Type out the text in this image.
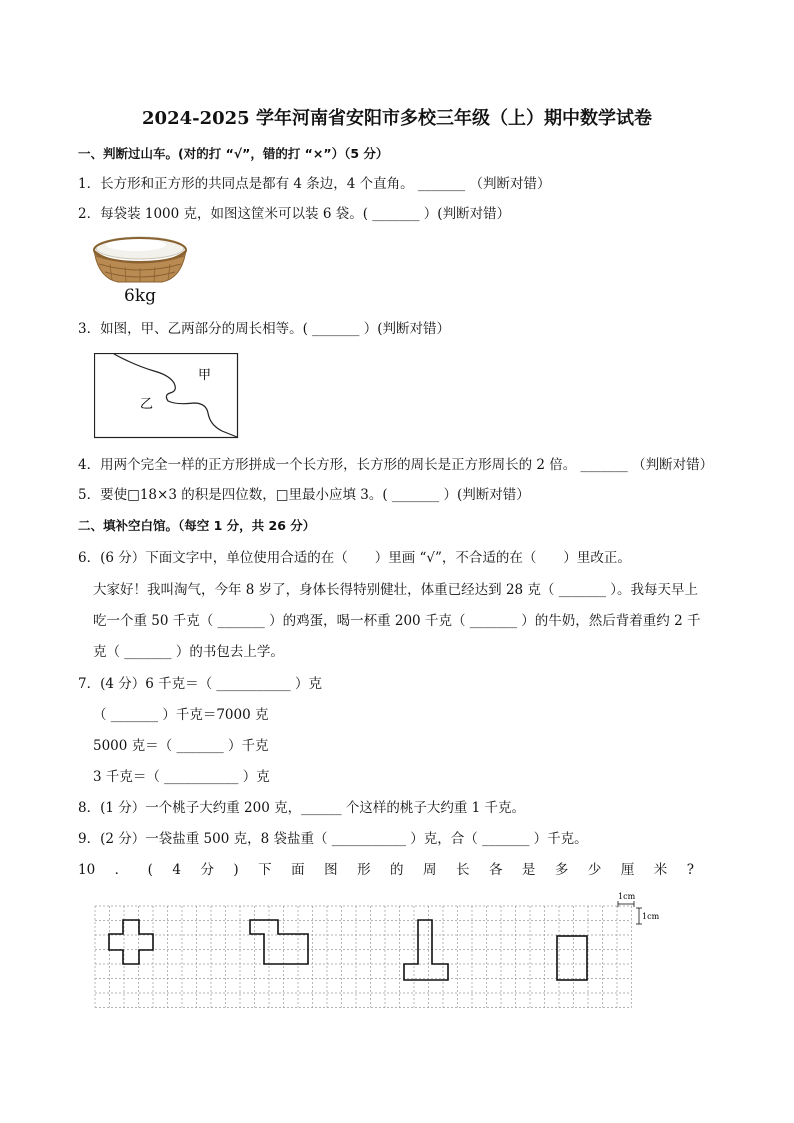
2024-2025 学年河南省安阳市多校三年级（上）期中数学试卷
一、判断过山车。(对的打 “√”，错的打 “×”）（5 分）
1．长方形和正方形的共同点是都有 4 条边，4 个直角。 _______ （判断对错）
2．每袋装 1000 克，如图这筐米可以装 6 袋。( _______ ）(判断对错）
6kg
3．如图，甲、乙两部分的周长相等。( _______ ）(判断对错）
甲
乙
4．用两个完全一样的正方形拼成一个长方形，长方形的周长是正方形周长的 2 倍。 _______ （判断对错）
5．要使□18×3 的积是四位数，□里最小应填 3。( _______ ）(判断对错）
二、填补空白馆。（每空 1 分，共 26 分）
6．(6 分）下面文字中，单位使用合适的在（　　）里画 “√”，不合适的在（　　）里改正。
大家好！我叫淘气，今年 8 岁了，身体长得特别健壮，体重已经达到 28 克（ _______ ）。我每天早上
吃一个重 50 千克（ _______ ）的鸡蛋，喝一杯重 200 千克（ _______ ）的牛奶，然后背着重约 2 千
克（ _______ ）的书包去上学。
7．(4 分）6 千克＝（ ___________ ）克
（ _______ ）千克＝7000 克
5000 克＝（ _______ ）千克
3 千克＝（ ___________ ）克
8．(1 分）一个桃子大约重 200 克，______ 个这样的桃子大约重 1 千克。
9．(2 分）一袋盐重 500 克，8 袋盐重（ ___________ ）克，合（ _______ ）千克。
10 ． ( 4 分 ) 下 面 图 形 的 周 长 各 是 多 少 厘 米 ?
1cm
1cm
